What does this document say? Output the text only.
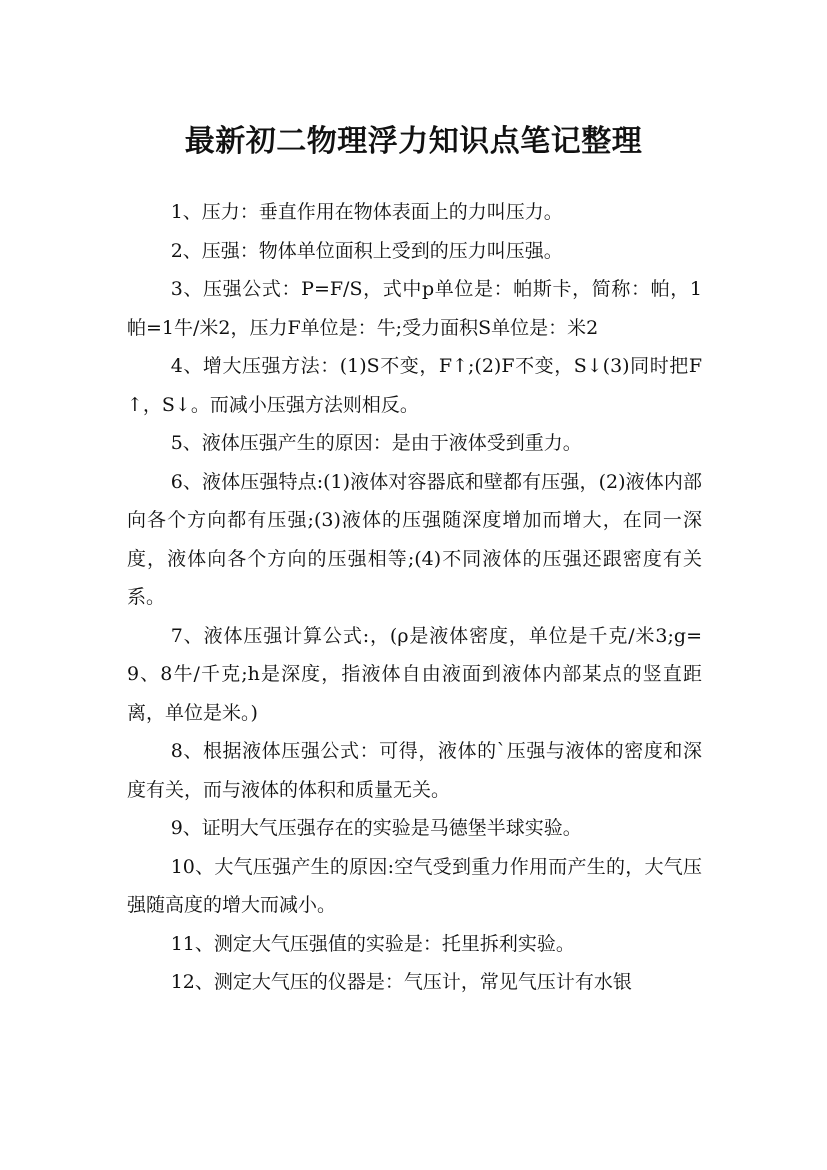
最新初二物理浮力知识点笔记整理

1、压力：垂直作用在物体表面上的力叫压力。

2、压强：物体单位面积上受到的压力叫压强。

3、压强公式：P=F/S，式中p单位是：帕斯卡，简称：帕，1帕=1牛/米2，压力F单位是：牛;受力面积S单位是：米2

4、增大压强方法：(1)S不变，F↑;(2)F不变，S↓(3)同时把F↑，S↓。而减小压强方法则相反。

5、液体压强产生的原因：是由于液体受到重力。

6、液体压强特点:(1)液体对容器底和壁都有压强，(2)液体内部向各个方向都有压强;(3)液体的压强随深度增加而增大，在同一深度，液体向各个方向的压强相等;(4)不同液体的压强还跟密度有关系。

7、液体压强计算公式:，(ρ是液体密度，单位是千克/米3;g=9、8牛/千克;h是深度，指液体自由液面到液体内部某点的竖直距离，单位是米。)

8、根据液体压强公式：可得，液体的`压强与液体的密度和深度有关，而与液体的体积和质量无关。

9、证明大气压强存在的实验是马德堡半球实验。

10、大气压强产生的原因:空气受到重力作用而产生的，大气压强随高度的增大而减小。

11、测定大气压强值的实验是：托里拆利实验。

12、测定大气压的仪器是：气压计，常见气压计有水银
